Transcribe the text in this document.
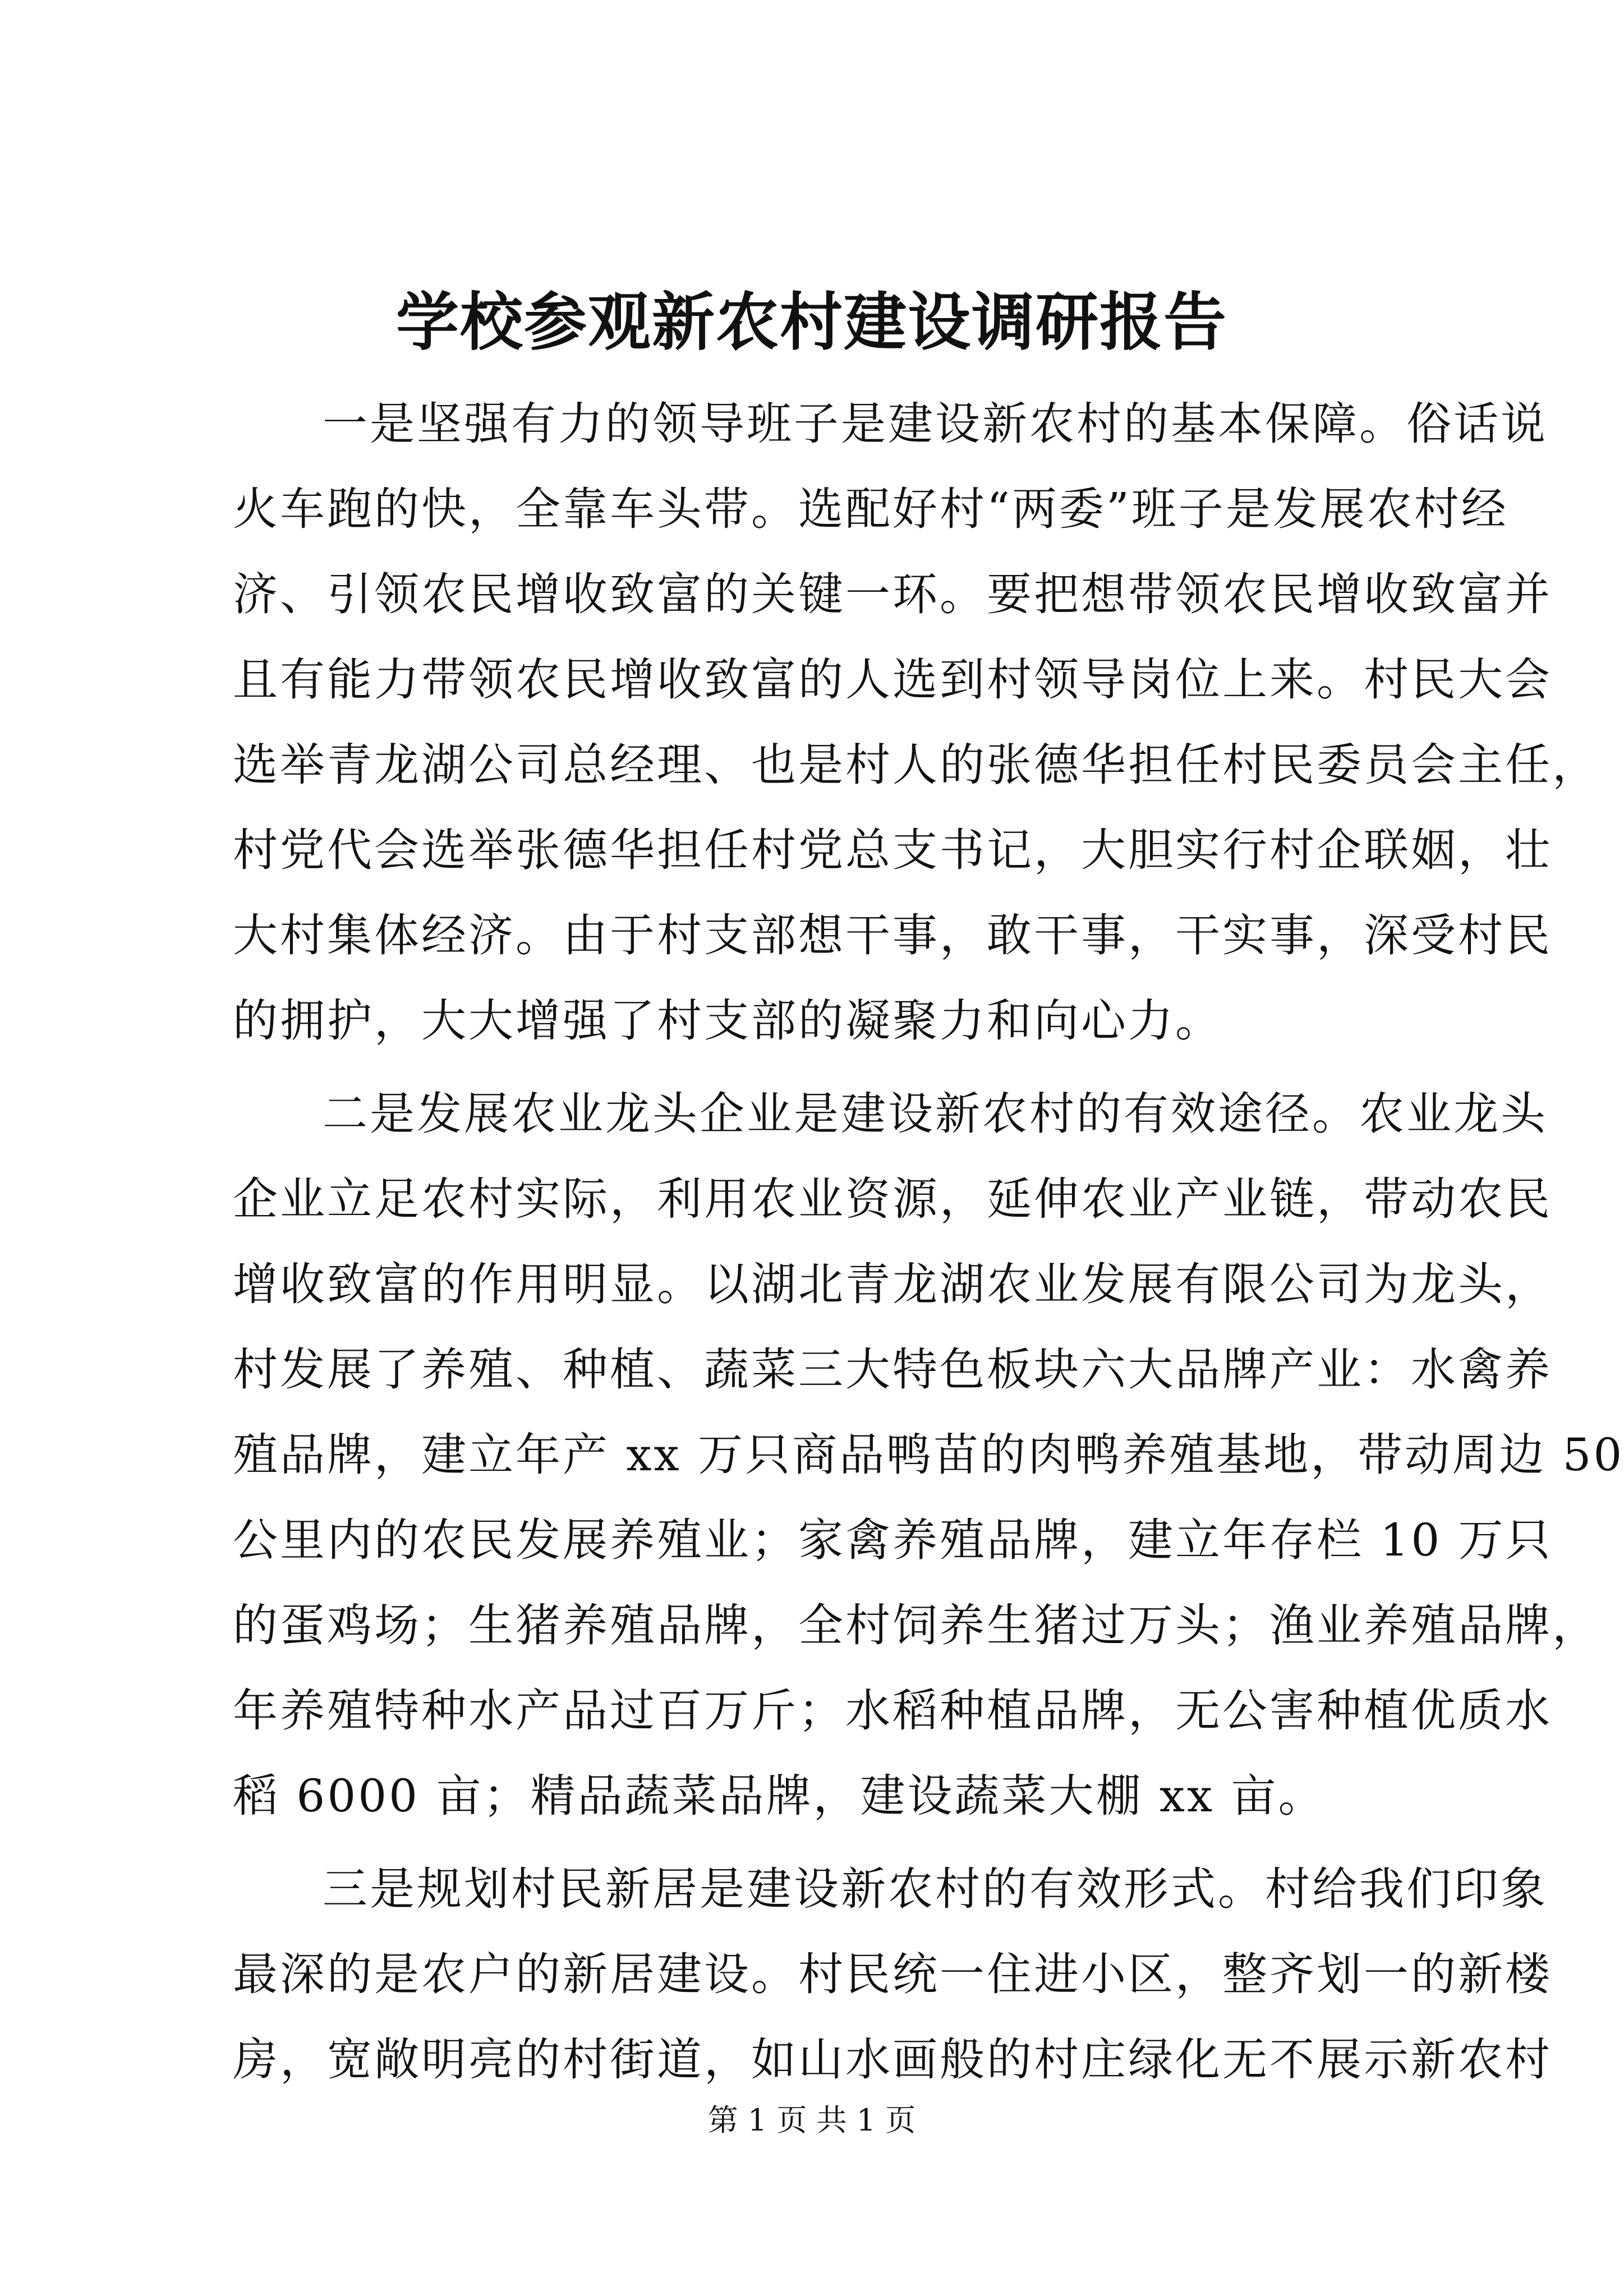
学校参观新农村建设调研报告
一是坚强有力的领导班子是建设新农村的基本保障。俗话说
火车跑的快，全靠车头带。选配好村“两委”班子是发展农村经
济、引领农民增收致富的关键一环。要把想带领农民增收致富并
且有能力带领农民增收致富的人选到村领导岗位上来。村民大会
选举青龙湖公司总经理、也是村人的张德华担任村民委员会主任，
村党代会选举张德华担任村党总支书记，大胆实行村企联姻，壮
大村集体经济。由于村支部想干事，敢干事，干实事，深受村民
的拥护，大大增强了村支部的凝聚力和向心力。
二是发展农业龙头企业是建设新农村的有效途径。农业龙头
企业立足农村实际，利用农业资源，延伸农业产业链，带动农民
增收致富的作用明显。以湖北青龙湖农业发展有限公司为龙头，
村发展了养殖、种植、蔬菜三大特色板块六大品牌产业：水禽养
殖品牌，建立年产 xx 万只商品鸭苗的肉鸭养殖基地，带动周边 50
公里内的农民发展养殖业；家禽养殖品牌，建立年存栏 10 万只
的蛋鸡场；生猪养殖品牌，全村饲养生猪过万头；渔业养殖品牌，
年养殖特种水产品过百万斤；水稻种植品牌，无公害种植优质水
稻 6000 亩；精品蔬菜品牌，建设蔬菜大棚 xx 亩。
三是规划村民新居是建设新农村的有效形式。村给我们印象
最深的是农户的新居建设。村民统一住进小区，整齐划一的新楼
房，宽敞明亮的村街道，如山水画般的村庄绿化无不展示新农村
第 1 页 共 1 页
